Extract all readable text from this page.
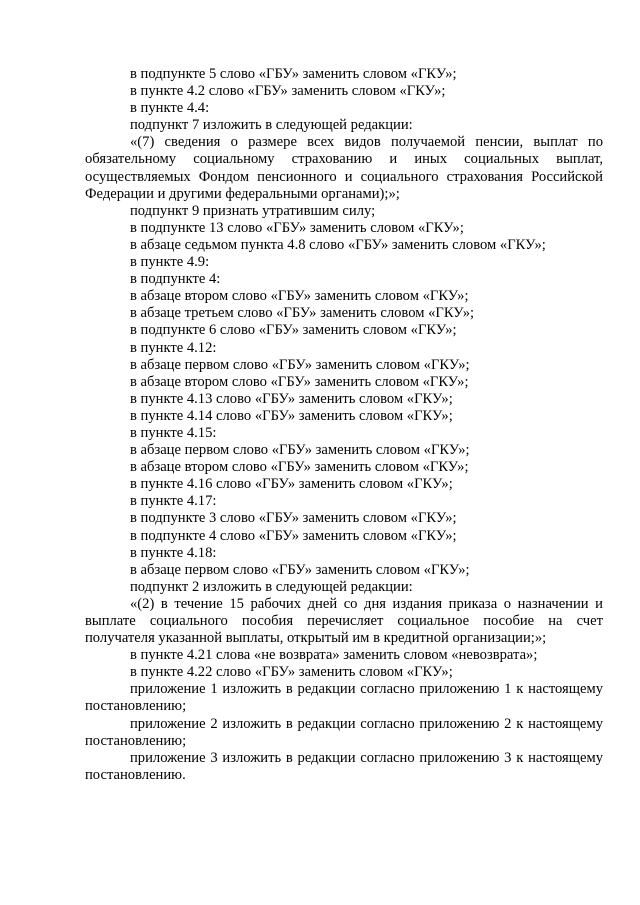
в подпункте 5 слово «ГБУ» заменить словом «ГКУ»;

в пункте 4.2 слово «ГБУ» заменить словом «ГКУ»;

в пункте 4.4:

подпункт 7 изложить в следующей редакции:

«(7) сведения о размере всех видов получаемой пенсии, выплат по обязательному социальному страхованию и иных социальных выплат, осуществляемых Фондом пенсионного и социального страхования Российской Федерации и другими федеральными органами);»;

подпункт 9 признать утратившим силу;

в подпункте 13 слово «ГБУ» заменить словом «ГКУ»;

в абзаце седьмом пункта 4.8 слово «ГБУ» заменить словом «ГКУ»;

в пункте 4.9:

в подпункте 4:

в абзаце втором слово «ГБУ» заменить словом «ГКУ»;

в абзаце третьем слово «ГБУ» заменить словом «ГКУ»;

в подпункте 6 слово «ГБУ» заменить словом «ГКУ»;

в пункте 4.12:

в абзаце первом слово «ГБУ» заменить словом «ГКУ»;

в абзаце втором слово «ГБУ» заменить словом «ГКУ»;

в пункте 4.13 слово «ГБУ» заменить словом «ГКУ»;

в пункте 4.14 слово «ГБУ» заменить словом «ГКУ»;

в пункте 4.15:

в абзаце первом слово «ГБУ» заменить словом «ГКУ»;

в абзаце втором слово «ГБУ» заменить словом «ГКУ»;

в пункте 4.16 слово «ГБУ» заменить словом «ГКУ»;

в пункте 4.17:

в подпункте 3 слово «ГБУ» заменить словом «ГКУ»;

в подпункте 4 слово «ГБУ» заменить словом «ГКУ»;

в пункте 4.18:

в абзаце первом слово «ГБУ» заменить словом «ГКУ»;

подпункт 2 изложить в следующей редакции:

«(2) в течение 15 рабочих дней со дня издания приказа о назначении и выплате социального пособия перечисляет социальное пособие на счет получателя указанной выплаты, открытый им в кредитной организации;»;

в пункте 4.21 слова «не возврата» заменить словом «невозврата»;

в пункте 4.22 слово «ГБУ» заменить словом «ГКУ»;

приложение 1 изложить в редакции согласно приложению 1 к настоящему постановлению;

приложение 2 изложить в редакции согласно приложению 2 к настоящему постановлению;

приложение 3 изложить в редакции согласно приложению 3 к настоящему постановлению.
